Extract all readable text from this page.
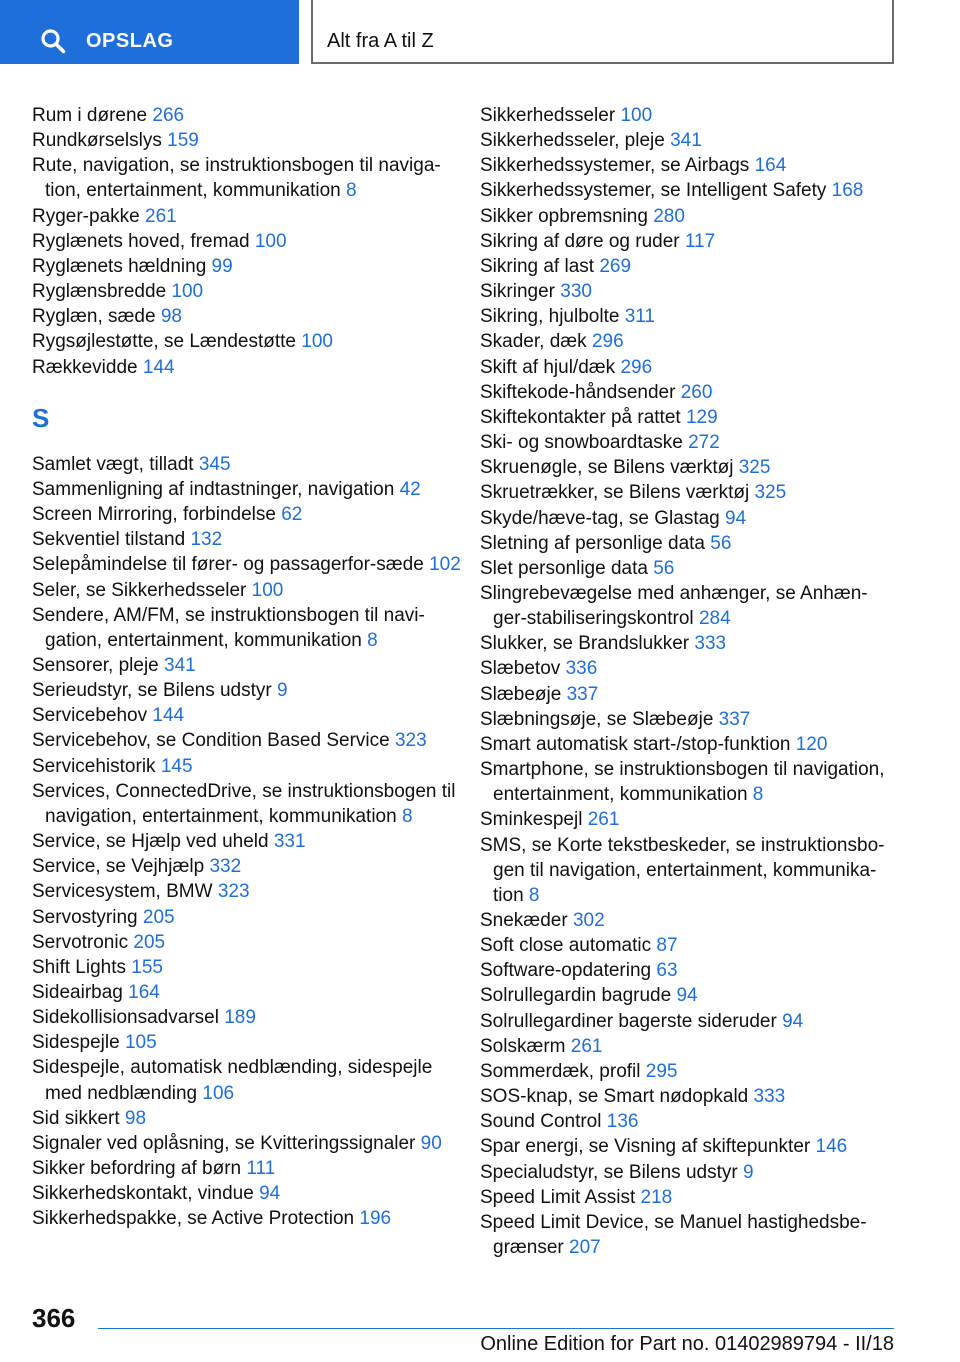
OPSLAG	Alt fra A til Z
Rum i dørene 266
Rundkørselslys 159
Rute, navigation, se instruktionsbogen til naviga‐tion, entertainment, kommunikation 8
Ryger-pakke 261
Ryglænets hoved, fremad 100
Ryglænets hældning 99
Ryglænsbredde 100
Ryglæn, sæde 98
Rygsøjlestøtte, se Lændestøtte 100
Rækkevidde 144
S
Samlet vægt, tilladt 345
Sammenligning af indtastninger, navigation 42
Screen Mirroring, forbindelse 62
Sekventiel tilstand 132
Selepåmindelse til fører- og passagerfor‐sæde 102
Seler, se Sikkerhedsseler 100
Sendere, AM/FM, se instruktionsbogen til navi‐gation, entertainment, kommunikation 8
Sensorer, pleje 341
Serieudstyr, se Bilens udstyr 9
Servicebehov 144
Servicebehov, se Condition Based Service 323
Servicehistorik 145
Services, ConnectedDrive, se instruktionsbogen til navigation, entertainment, kommunikation 8
Service, se Hjælp ved uheld 331
Service, se Vejhjælp 332
Servicesystem, BMW 323
Servostyring 205
Servotronic 205
Shift Lights 155
Sideairbag 164
Sidekollisionsadvarsel 189
Sidespejle 105
Sidespejle, automatisk nedblænding, sidespejle med nedblænding 106
Sid sikkert 98
Signaler ved oplåsning, se Kvitteringssignaler 90
Sikker befordring af børn 111
Sikkerhedskontakt, vindue 94
Sikkerhedspakke, se Active Protection 196
Sikkerhedsseler 100
Sikkerhedsseler, pleje 341
Sikkerhedssystemer, se Airbags 164
Sikkerhedssystemer, se Intelligent Safety 168
Sikker opbremsning 280
Sikring af døre og ruder 117
Sikring af last 269
Sikringer 330
Sikring, hjulbolte 311
Skader, dæk 296
Skift af hjul/dæk 296
Skiftekode-håndsender 260
Skiftekontakter på rattet 129
Ski- og snowboardtaske 272
Skruenøgle, se Bilens værktøj 325
Skruetrækker, se Bilens værktøj 325
Skyde/hæve-tag, se Glastag 94
Sletning af personlige data 56
Slet personlige data 56
Slingrebevægelse med anhænger, se Anhæn‐ger-stabiliseringskontrol 284
Slukker, se Brandslukker 333
Slæbetov 336
Slæbeøje 337
Slæbningsøje, se Slæbeøje 337
Smart automatisk start-/stop-funktion 120
Smartphone, se instruktionsbogen til navigation, entertainment, kommunikation 8
Sminkespejl 261
SMS, se Korte tekstbeskeder, se instruktionsbo‐gen til navigation, entertainment, kommunika‐tion 8
Snekæder 302
Soft close automatic 87
Software-opdatering 63
Solrullegardin bagrude 94
Solrullegardiner bagerste sideruder 94
Solskærm 261
Sommerdæk, profil 295
SOS-knap, se Smart nødopkald 333
Sound Control 136
Spar energi, se Visning af skiftepunkter 146
Specialudstyr, se Bilens udstyr 9
Speed Limit Assist 218
Speed Limit Device, se Manuel hastighedsbe‐grænser 207
366
Online Edition for Part no. 01402989794 - II/18
